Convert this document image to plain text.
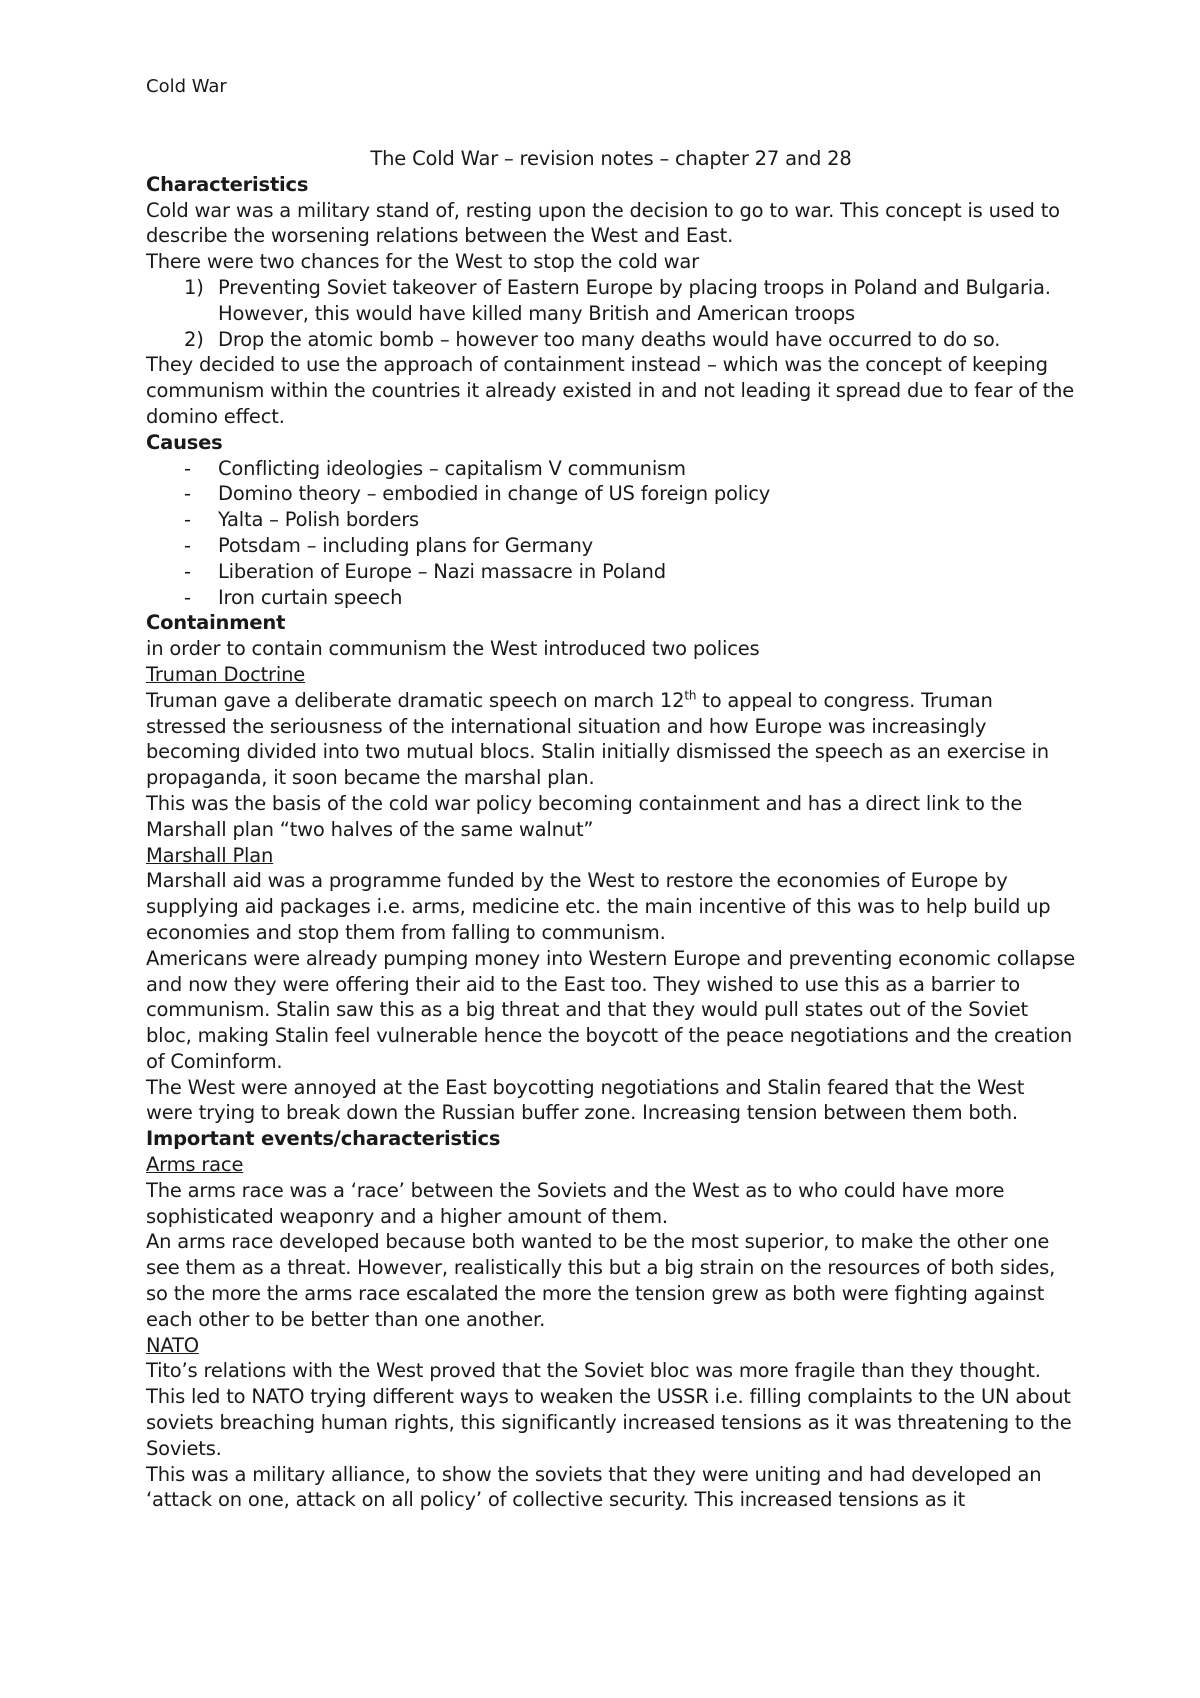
Cold War

The Cold War – revision notes – chapter 27 and 28

Characteristics

Cold war was a military stand of, resting upon the decision to go to war. This concept is used to describe the worsening relations between the West and East.

There were two chances for the West to stop the cold war

1) Preventing Soviet takeover of Eastern Europe by placing troops in Poland and Bulgaria. However, this would have killed many British and American troops
2) Drop the atomic bomb – however too many deaths would have occurred to do so.

They decided to use the approach of containment instead – which was the concept of keeping communism within the countries it already existed in and not leading it spread due to fear of the domino effect.

Causes

- Conflicting ideologies – capitalism V communism
- Domino theory – embodied in change of US foreign policy
- Yalta – Polish borders
- Potsdam – including plans for Germany
- Liberation of Europe – Nazi massacre in Poland
- Iron curtain speech

Containment

in order to contain communism the West introduced two polices

Truman Doctrine

Truman gave a deliberate dramatic speech on march 12th to appeal to congress. Truman stressed the seriousness of the international situation and how Europe was increasingly becoming divided into two mutual blocs. Stalin initially dismissed the speech as an exercise in propaganda, it soon became the marshal plan.

This was the basis of the cold war policy becoming containment and has a direct link to the Marshall plan “two halves of the same walnut”

Marshall Plan

Marshall aid was a programme funded by the West to restore the economies of Europe by supplying aid packages i.e. arms, medicine etc. the main incentive of this was to help build up economies and stop them from falling to communism.

Americans were already pumping money into Western Europe and preventing economic collapse and now they were offering their aid to the East too. They wished to use this as a barrier to communism. Stalin saw this as a big threat and that they would pull states out of the Soviet bloc, making Stalin feel vulnerable hence the boycott of the peace negotiations and the creation of Cominform.

The West were annoyed at the East boycotting negotiations and Stalin feared that the West were trying to break down the Russian buffer zone. Increasing tension between them both.

Important events/characteristics

Arms race

The arms race was a ‘race’ between the Soviets and the West as to who could have more sophisticated weaponry and a higher amount of them.

An arms race developed because both wanted to be the most superior, to make the other one see them as a threat. However, realistically this but a big strain on the resources of both sides, so the more the arms race escalated the more the tension grew as both were fighting against each other to be better than one another.

NATO

Tito’s relations with the West proved that the Soviet bloc was more fragile than they thought. This led to NATO trying different ways to weaken the USSR i.e. filling complaints to the UN about soviets breaching human rights, this significantly increased tensions as it was threatening to the Soviets.

This was a military alliance, to show the soviets that they were uniting and had developed an ‘attack on one, attack on all policy’ of collective security. This increased tensions as it
